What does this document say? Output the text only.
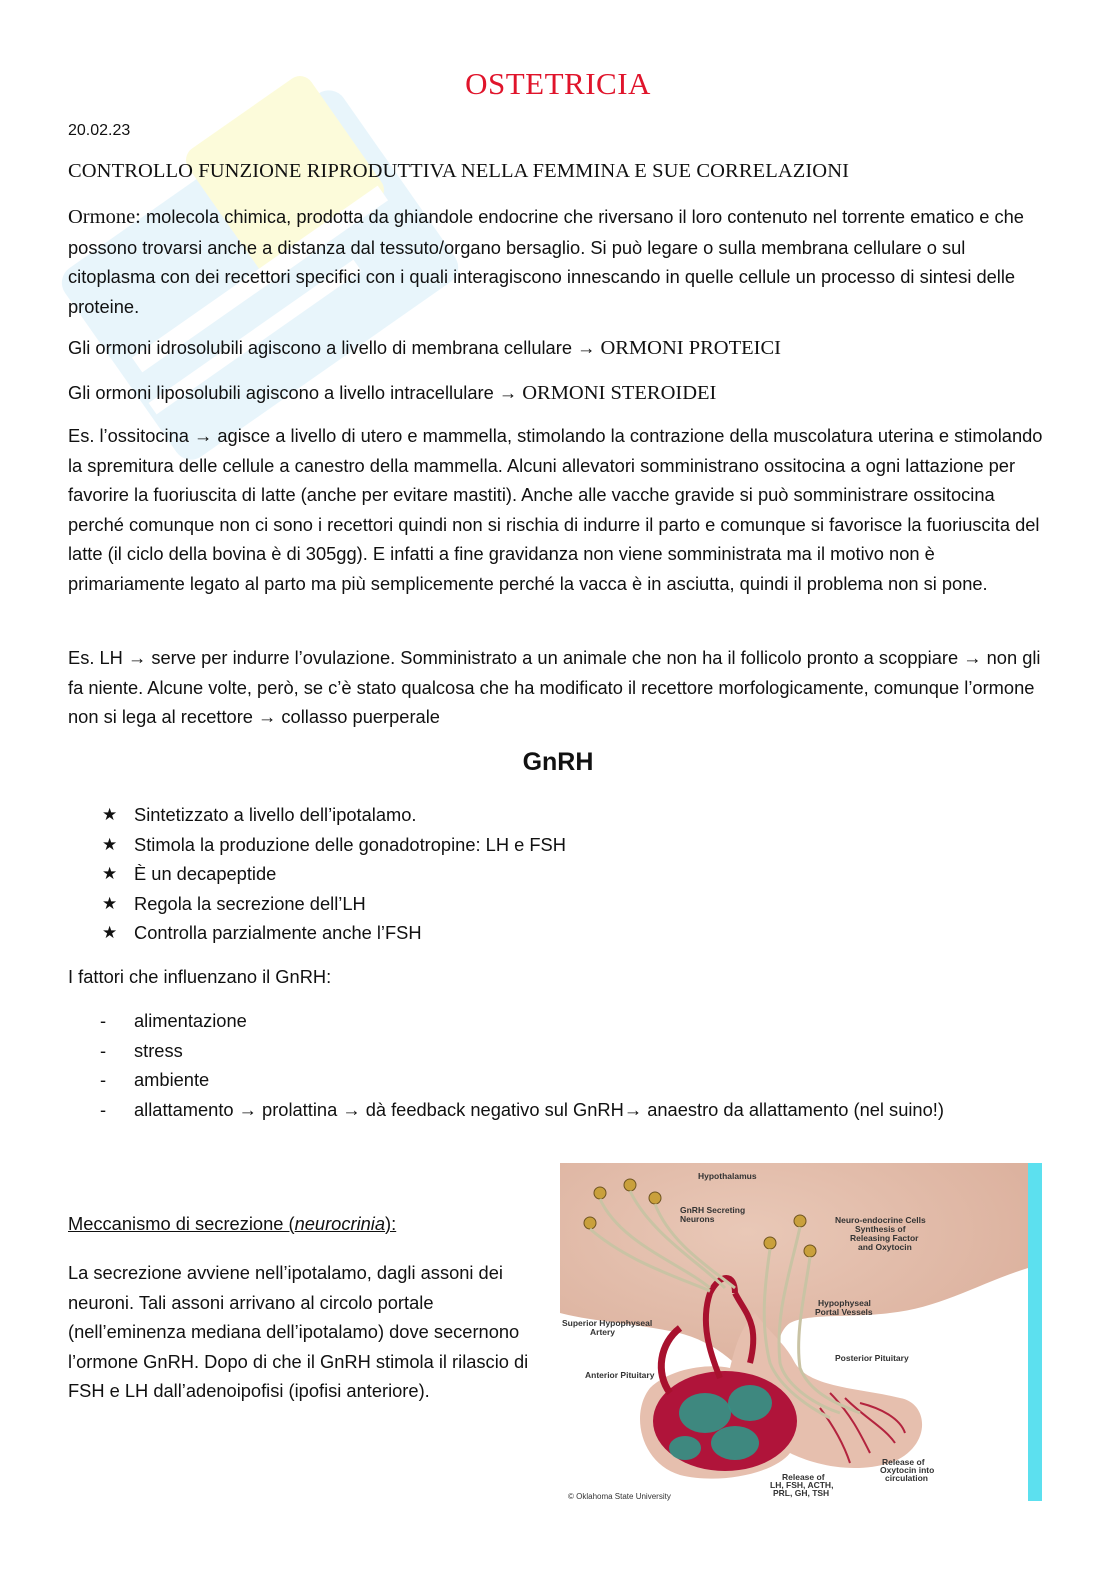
OSTETRICIA
20.02.23
CONTROLLO FUNZIONE RIPRODUTTIVA NELLA FEMMINA E SUE CORRELAZIONI

Ormone: molecola chimica, prodotta da ghiandole endocrine che riversano il loro contenuto nel torrente ematico e che possono trovarsi anche a distanza dal tessuto/organo bersaglio. Si può legare o sulla membrana cellulare o sul citoplasma con dei recettori specifici con i quali interagiscono innescando in quelle cellule un processo di sintesi delle proteine.

Gli ormoni idrosolubili agiscono a livello di membrana cellulare → ORMONI PROTEICI

Gli ormoni liposolubili agiscono a livello intracellulare → ORMONI STEROIDEI

Es. l’ossitocina → agisce a livello di utero e mammella, stimolando la contrazione della muscolatura uterina e stimolando la spremitura delle cellule a canestro della mammella. Alcuni allevatori somministrano ossitocina a ogni lattazione per favorire la fuoriuscita di latte (anche per evitare mastiti). Anche alle vacche gravide si può somministrare ossitocina perché comunque non ci sono i recettori quindi non si rischia di indurre il parto e comunque si favorisce la fuoriuscita del latte (il ciclo della bovina è di 305gg). E infatti a fine gravidanza non viene somministrata ma il motivo non è primariamente legato al parto ma più semplicemente perché la vacca è in asciutta, quindi il problema non si pone.

Es. LH → serve per indurre l’ovulazione. Somministrato a un animale che non ha il follicolo pronto a scoppiare → non gli fa niente. Alcune volte, però, se c’è stato qualcosa che ha modificato il recettore morfologicamente, comunque l’ormone non si lega al recettore → collasso puerperale

GnRH
★ Sintetizzato a livello dell’ipotalamo.
★ Stimola la produzione delle gonadotropine: LH e FSH
★ È un decapeptide
★ Regola la secrezione dell’LH
★ Controlla parzialmente anche l’FSH

I fattori che influenzano il GnRH:

- alimentazione
- stress
- ambiente
- allattamento → prolattina → dà feedback negativo sul GnRH→ anaestro da allattamento (nel suino!)
Meccanismo di secrezione (neurocrinia):

La secrezione avviene nell’ipotalamo, dagli assoni dei neuroni. Tali assoni arrivano al circolo portale (nell’eminenza mediana dell’ipotalamo) dove secernono l’ormone GnRH. Dopo di che il GnRH stimola il rilascio di FSH e LH dall’adenoipofisi (ipofisi anteriore).

Hypothalamus
GnRH Secreting
Neurons	Neuro-endocrine Cells
Synthesis of
Releasing Factor
and Oxytocin
Superior Hypophyseal
Artery
Hypophyseal
Portal Vessels
Posterior Pituitary
Anterior Pituitary
Release of
LH, FSH, ACTH,
PRL, GH, TSH
Release of
Oxytocin into
circulation
© Oklahoma State University
